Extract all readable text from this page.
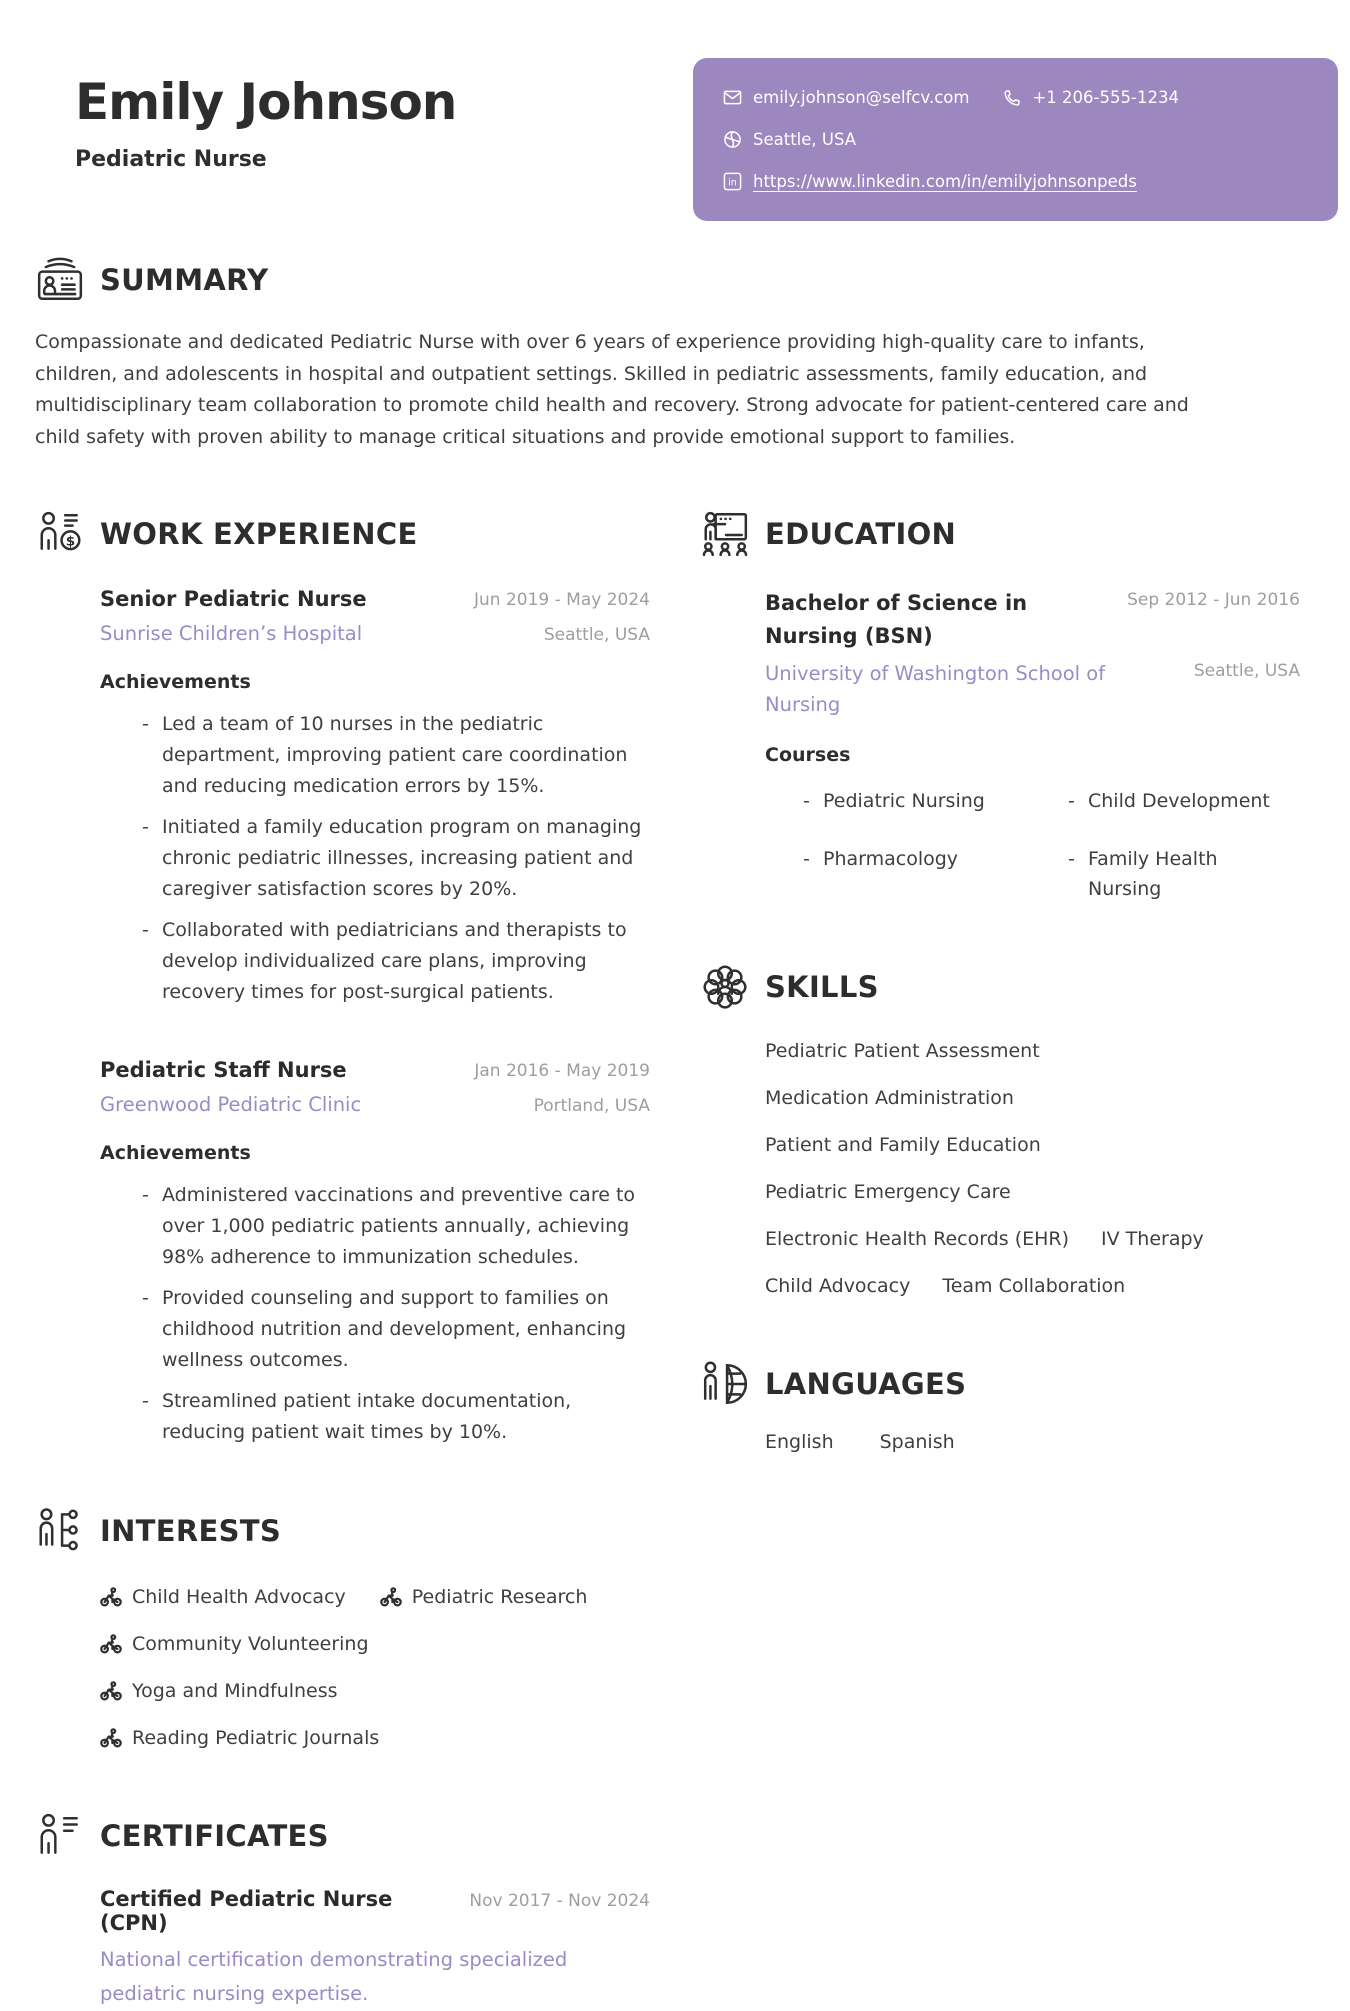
Emily Johnson
Pediatric Nurse
emily.johnson@selfcv.com	+1 206-555-1234
Seattle, USA
in https://www.linkedin.com/in/emilyjohnsonpeds
SUMMARY

Compassionate and dedicated Pediatric Nurse with over 6 years of experience providing high-quality care to infants, children, and adolescents in hospital and outpatient settings. Skilled in pediatric assessments, family education, and multidisciplinary team collaboration to promote child health and recovery. Strong advocate for patient-centered care and child safety with proven ability to manage critical situations and provide emotional support to families.

$ WORK EXPERIENCE
Senior Pediatric Nurse	Jun 2019 - May 2024
Sunrise Children’s Hospital	Seattle, USA
Achievements
- Led a team of 10 nurses in the pediatric department, improving patient care coordination and reducing medication errors by 15%.
- Initiated a family education program on managing chronic pediatric illnesses, increasing patient and caregiver satisfaction scores by 20%.
- Collaborated with pediatricians and therapists to develop individualized care plans, improving recovery times for post-surgical patients.
Pediatric Staff Nurse	Jan 2016 - May 2019
Greenwood Pediatric Clinic	Portland, USA
Achievements
- Administered vaccinations and preventive care to over 1,000 pediatric patients annually, achieving 98% adherence to immunization schedules.
- Provided counseling and support to families on childhood nutrition and development, enhancing wellness outcomes.
- Streamlined patient intake documentation, reducing patient wait times by 10%.
INTERESTS
Child Health Advocacy	Pediatric Research
Community Volunteering
Yoga and Mindfulness
Reading Pediatric Journals
CERTIFICATES
Certified Pediatric Nurse (CPN)
Nov 2017 - Nov 2024
National certification demonstrating specialized pediatric nursing expertise.
EDUCATION
Bachelor of Science in Nursing (BSN)
Sep 2012 - Jun 2016
University of Washington School of Nursing
Seattle, USA
Courses
- Pediatric Nursing	- Child Development
- Pharmacology	- Family Health Nursing
SKILLS
Pediatric Patient Assessment
Medication Administration
Patient and Family Education
Pediatric Emergency Care
Electronic Health Records (EHR) IV Therapy
Child Advocacy Team Collaboration
LANGUAGES
English Spanish
